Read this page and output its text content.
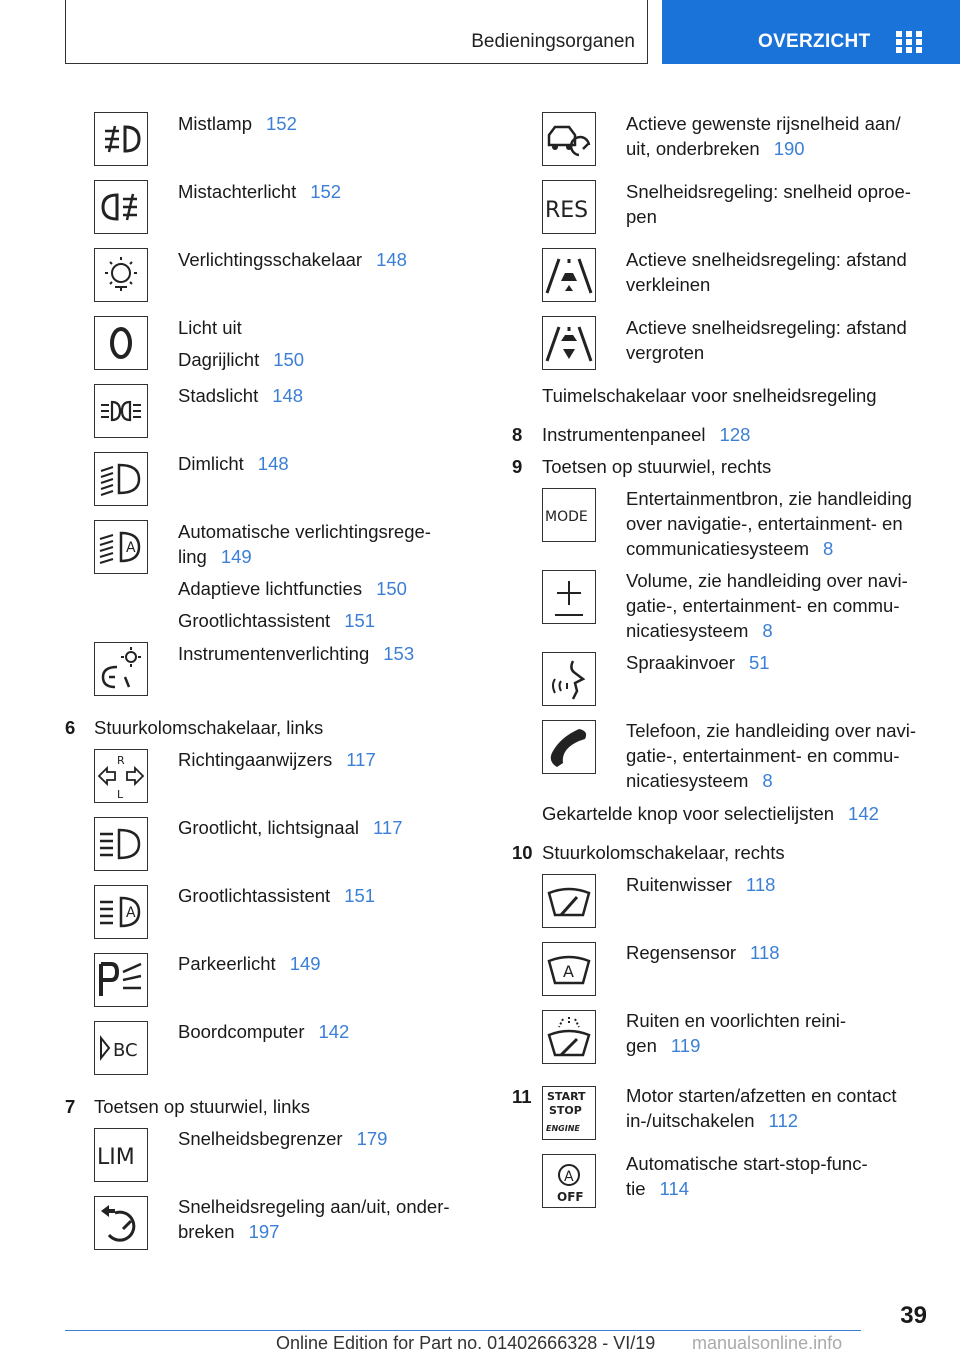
Bedieningsorganen	OVERZICHT
Mistlamp 152
Mistachterlicht 152
Verlichtingsschakelaar 148
Licht uit
Dagrijlicht 150
Stadslicht 148
Dimlicht 148
A
Automatische verlichtingsrege-
ling 149
Adaptieve lichtfuncties 150
Grootlichtassistent 151
Instrumentenverlichting 153
6 Stuurkolomschakelaar, links
R
L
Richtingaanwijzers 117
Grootlicht, lichtsignaal 117
A
Grootlichtassistent 151
Parkeerlicht 149
BC
Boordcomputer 142
7 Toetsen op stuurwiel, links
LIM
Snelheidsbegrenzer 179
Snelheidsregeling aan/uit, onder-
breken 197
Actieve gewenste rijsnelheid aan/
uit, onderbreken 190
RES
Snelheidsregeling: snelheid oproe-
pen
Actieve snelheidsregeling: afstand
verkleinen
Actieve snelheidsregeling: afstand
vergroten
Tuimelschakelaar voor snelheidsregeling
8 Instrumentenpaneel 128
9 Toetsen op stuurwiel, rechts
MODE
Entertainmentbron, zie handleiding
over navigatie-, entertainment- en
communicatiesysteem 8
Volume, zie handleiding over navi-
gatie-, entertainment- en commu-
nicatiesysteem 8
Spraakinvoer 51
Telefoon, zie handleiding over navi-
gatie-, entertainment- en commu-
nicatiesysteem 8
Gekartelde knop voor selectielijsten 142
10 Stuurkolomschakelaar, rechts
Ruitenwisser 118
A
Regensensor 118
Ruiten en voorlichten reini-
gen 119
11 START
STOP
ENGINE
Motor starten/afzetten en contact
in-/uitschakelen 112
A
OFF
Automatische start-stop-func-
tie 114
39
Online Edition for Part no. 01402666328 - VI/19 manualsonline.info
